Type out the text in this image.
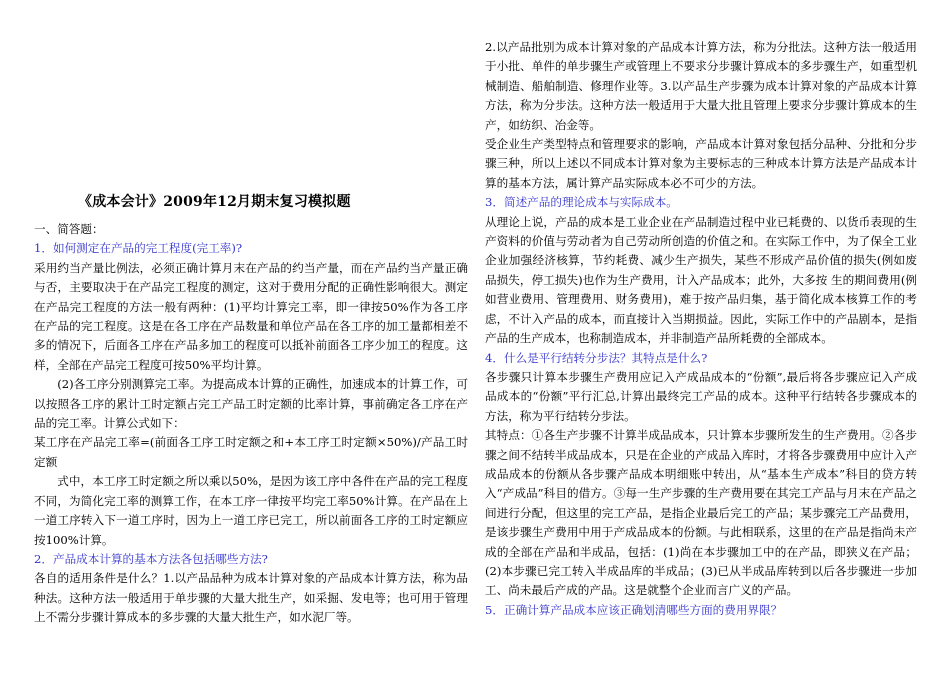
《成本会计》2009年12月期末复习模拟题

一、简答题：

1．如何测定在产品的完工程度(完工率)?

采用约当产量比例法，必须正确计算月末在产品的约当产量，而在产品约当产量正确与否，主要取决于在产品完工程度的测定，这对于费用分配的正确性影响很大。测定在产品完工程度的方法一般有两种：(1)平均计算完工率，即一律按50%作为各工序在产品的完工程度。这是在各工序在产品数量和单位产品在各工序的加工量都相差不多的情况下，后面各工序在产品多加工的程度可以抵补前面各工序少加工的程度。这样，全部在产品完工程度可按50%平均计算。

(2)各工序分别测算完工率。为提高成本计算的正确性，加速成本的计算工作，可以按照各工序的累计工时定额占完工产品工时定额的比率计算，事前确定各工序在产品的完工率。计算公式如下：

某工序在产品完工率=(前面各工序工时定额之和+本工序工时定额×50%)/产品工时定额

式中，本工序工时定额之所以乘以50%，是因为该工序中各件在产品的完工程度不同，为简化完工率的测算工作，在本工序一律按平均完工率50%计算。在产品在上一道工序转入下一道工序时，因为上一道工序已完工，所以前面各工序的工时定额应按100%计算。

2．产品成本计算的基本方法各包括哪些方法?

各自的适用条件是什么？1.以产品品种为成本计算对象的产品成本计算方法，称为品种法。这种方法一般适用于单步骤的大量大批生产，如采掘、发电等；也可用于管理上不需分步骤计算成本的多步骤的大量大批生产，如水泥厂等。

2.以产品批别为成本计算对象的产品成本计算方法，称为分批法。这种方法一般适用于小批、单件的单步骤生产或管理上不要求分步骤计算成本的多步骤生产，如重型机械制造、船舶制造、修理作业等。3.以产品生产步骤为成本计算对象的产品成本计算方法，称为分步法。这种方法一般适用于大量大批且管理上要求分步骤计算成本的生产，如纺织、冶金等。

受企业生产类型特点和管理要求的影响，产品成本计算对象包括分品种、分批和分步骤三种，所以上述以不同成本计算对象为主要标志的三种成本计算方法是产品成本计算的基本方法，属计算产品实际成本必不可少的方法。

3．简述产品的理论成本与实际成本。

从理论上说，产品的成本是工业企业在产品制造过程中业已耗费的、以货币表现的生产资料的价值与劳动者为自己劳动所创造的价值之和。在实际工作中，为了保全工业企业加强经济核算，节约耗费、减少生产损失，某些不形成产品价值的损失(例如废品损失，停工损失)也作为生产费用，计入产品成本；此外，大多按 生的期间费用(例如营业费用、管理费用、财务费用)，难于按产品归集，基于简化成本核算工作的考虑，不计入产品的成本，而直接计入当期损益。因此，实际工作中的产品剧本，是指产品的生产成本，也称制造成本，并非制造产品所耗费的全部成本。

4．什么是平行结转分步法？其特点是什么?

各步骤只计算本步骤生产费用应记入产成品成本的“份额”,最后将各步骤应记入产成品成本的“份额”平行汇总,计算出最终完工产品的成本。这种平行结转各步骤成本的方法，称为平行结转分步法。

其特点：①各生产步骤不计算半成品成本，只计算本步骤所发生的生产费用。②各步骤之间不结转半成品成本，只是在企业的产成品入库时，才将各步骤费用中应计入产成品成本的份额从各步骤产品成本明细账中转出，从“基本生产成本”科目的贷方转入“产成品”科目的借方。③每一生产步骤的生产费用要在其完工产品与月末在产品之间进行分配，但这里的完工产品，是指企业最后完工的产品；某步骤完工产品费用，是该步骤生产费用中用于产成品成本的份额。与此相联系，这里的在产品是指尚未产成的全部在产品和半成品，包括：(1)尚在本步骤加工中的在产品，即狭义在产品；(2)本步骤已完工转入半成品库的半成品；(3)已从半成品库转到以后各步骤进一步加工、尚未最后产成的产品。这是就整个企业而言广义的产品。

5．正确计算产品成本应该正确划清哪些方面的费用界限？
